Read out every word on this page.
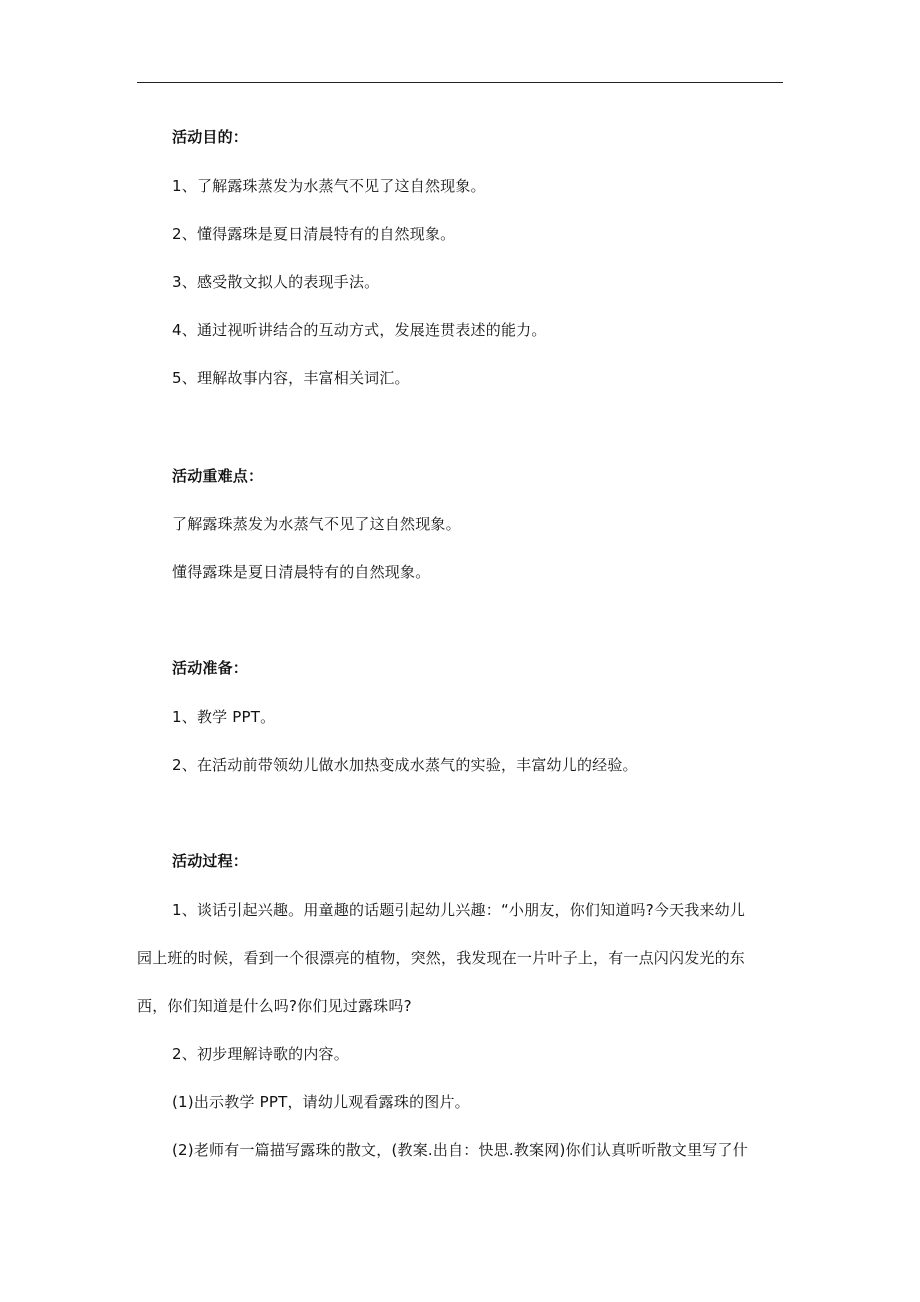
活动目的：
1、了解露珠蒸发为水蒸气不见了这自然现象。
2、懂得露珠是夏日清晨特有的自然现象。
3、感受散文拟人的表现手法。
4、通过视听讲结合的互动方式，发展连贯表述的能力。
5、理解故事内容，丰富相关词汇。
活动重难点：
了解露珠蒸发为水蒸气不见了这自然现象。
懂得露珠是夏日清晨特有的自然现象。
活动准备：
1、教学 PPT。
2、在活动前带领幼儿做水加热变成水蒸气的实验，丰富幼儿的经验。
活动过程：
1、谈话引起兴趣。用童趣的话题引起幼儿兴趣：“小朋友，你们知道吗?今天我来幼儿
园上班的时候，看到一个很漂亮的植物，突然，我发现在一片叶子上，有一点闪闪发光的东
西，你们知道是什么吗?你们见过露珠吗?
2、初步理解诗歌的内容。
(1)出示教学 PPT，请幼儿观看露珠的图片。
(2)老师有一篇描写露珠的散文，(教案.出自：快思.教案网)你们认真听听散文里写了什
